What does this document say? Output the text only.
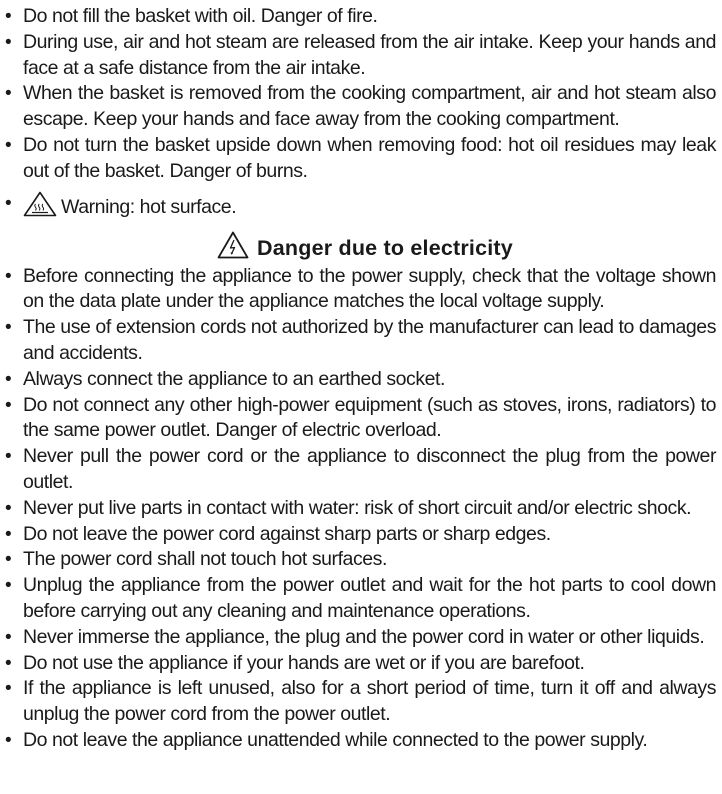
• Do not fill the basket with oil. Danger of fire.
• During use, air and hot steam are released from the air intake. Keep your hands and face at a safe distance from the air intake.
• When the basket is removed from the cooking compartment, air and hot steam also escape. Keep your hands and face away from the cooking compartment.
• Do not turn the basket upside down when removing food: hot oil residues may leak out of the basket. Danger of burns.
• Warning: hot surface.
Danger due to electricity
• Before connecting the appliance to the power supply, check that the voltage shown on the data plate under the appliance matches the local voltage supply.
• The use of extension cords not authorized by the manufacturer can lead to damages and accidents.
• Always connect the appliance to an earthed socket.
• Do not connect any other high-power equipment (such as stoves, irons, radiators) to the same power outlet. Danger of electric overload.
• Never pull the power cord or the appliance to disconnect the plug from the power outlet.
• Never put live parts in contact with water: risk of short circuit and/or electric shock.
• Do not leave the power cord against sharp parts or sharp edges.
• The power cord shall not touch hot surfaces.
• Unplug the appliance from the power outlet and wait for the hot parts to cool down before carrying out any cleaning and maintenance operations.
• Never immerse the appliance, the plug and the power cord in water or other liquids.
• Do not use the appliance if your hands are wet or if you are barefoot.
• If the appliance is left unused, also for a short period of time, turn it off and always unplug the power cord from the power outlet.
• Do not leave the appliance unattended while connected to the power supply.
